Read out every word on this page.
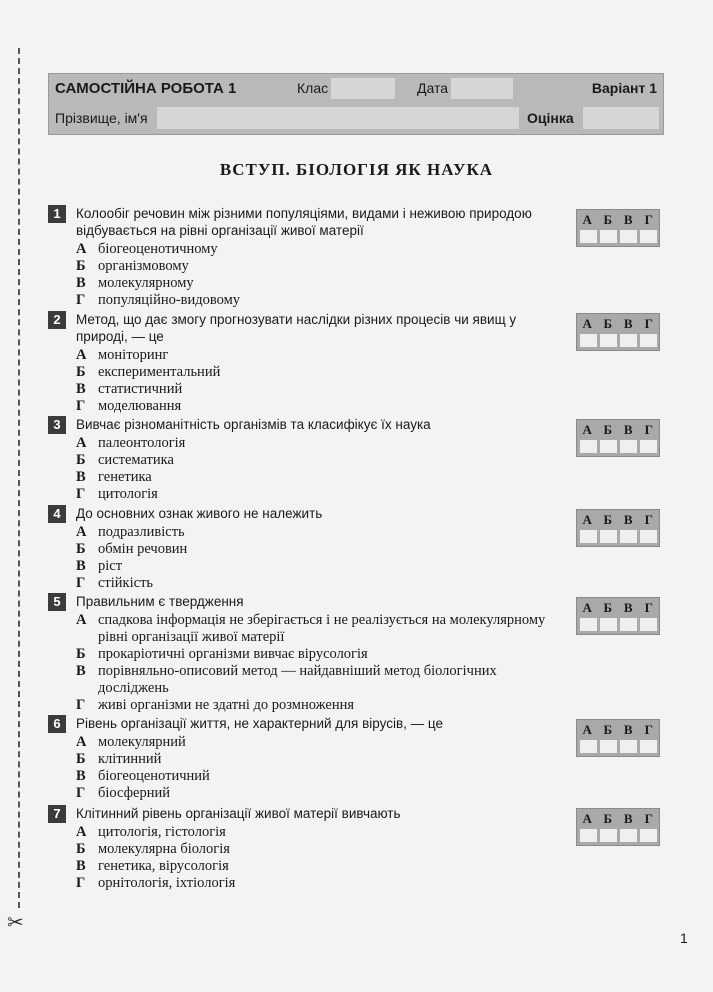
✂
САМОСТІЙНА РОБОТА 1	Клас	Дата	Варіант 1
Прізвище, ім'я	Оцінка
ВСТУП. БІОЛОГІЯ ЯК НАУКА
1	Колообіг речовин між різними популяціями, видами і неживою природою відбувається на рівні організації живої матерії
А біогеоценотичному
Б організмовому
В молекулярному
Г популяційно-видовому
А Б В Г
2	Метод, що дає змогу прогнозувати наслідки різних процесів чи явищ у природі, — це
А моніторинг
Б експериментальний
В статистичний
Г моделювання
А Б В Г
3	Вивчає різноманітність організмів та класифікує їх наука
А палеонтологія
Б систематика
В генетика
Г цитологія
А Б В Г
4	До основних ознак живого не належить
А подразливість
Б обмін речовин
В ріст
Г стійкість
А Б В Г
5	Правильним є твердження
А спадкова інформація не зберігається і не реалізується на молекулярному рівні організації живої матерії
Б прокаріотичні організми вивчає вірусологія
В порівняльно-описовий метод — найдавніший метод біологічних досліджень
Г живі організми не здатні до розмноження
А Б В Г
6	Рівень організації життя, не характерний для вірусів, — це
А молекулярний
Б клітинний
В біогеоценотичний
Г біосферний
А Б В Г
7	Клітинний рівень організації живої матерії вивчають
А цитологія, гістологія
Б молекулярна біологія
В генетика, вірусологія
Г орнітологія, іхтіологія
А Б В Г
1
